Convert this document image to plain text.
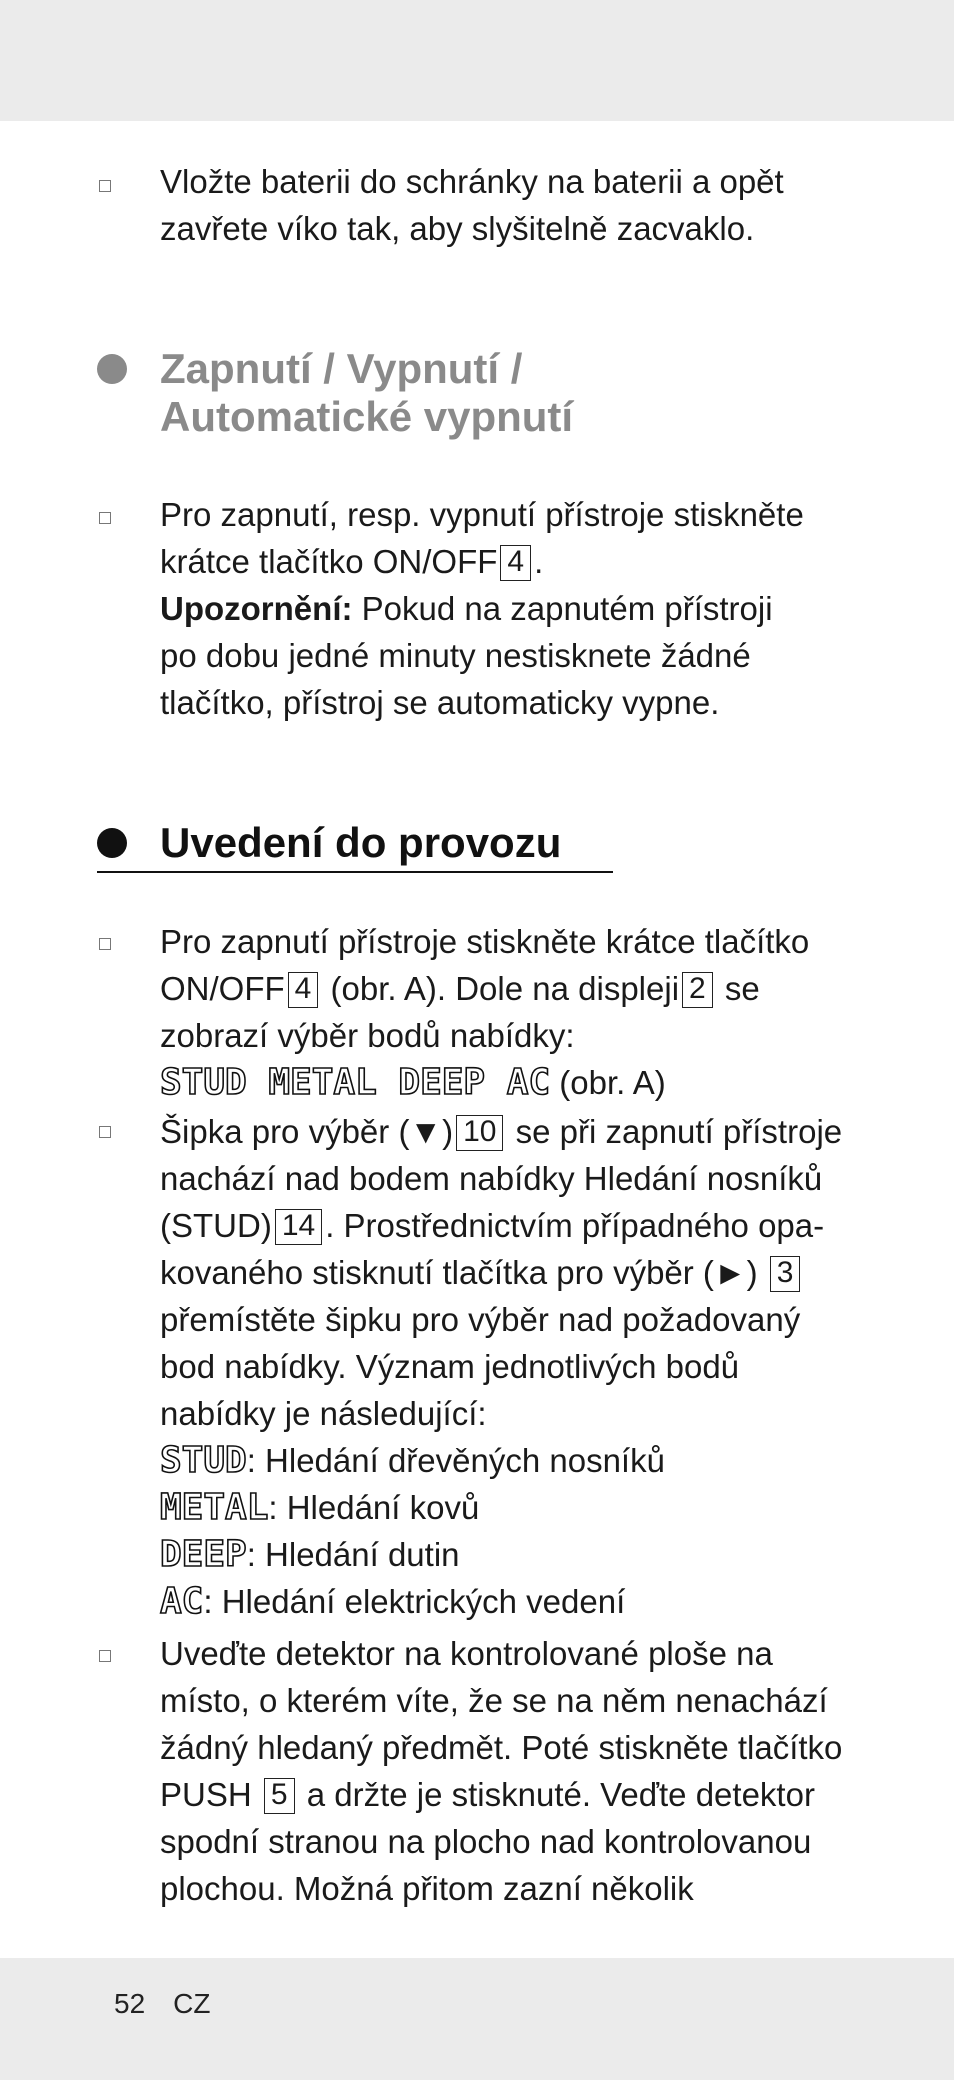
Vložte baterii do schránky na baterii a opět
zavřete víko tak, aby slyšitelně zacvaklo.
Zapnutí / Vypnutí /
Automatické vypnutí
Pro zapnutí, resp. vypnutí přístroje stiskněte
krátce tlačítko ON/OFF 4 .
Upozornění: Pokud na zapnutém přístroji
po dobu jedné minuty nestisknete žádné
tlačítko, přístroj se automaticky vypne.
Uvedení do provozu
Pro zapnutí přístroje stiskněte krátce tlačítko
ON/OFF 4 (obr. A). Dole na displeji 2 se
zobrazí výběr bodů nabídky:
STUD METAL DEEP AC (obr. A)
Šipka pro výběr (▼) 10 se při zapnutí přístroje
nachází nad bodem nabídky Hledání nosníků
(STUD) 14 . Prostřednictvím případného opa-
kovaného stisknutí tlačítka pro výběr (►) 3
přemístěte šipku pro výběr nad požadovaný
bod nabídky. Význam jednotlivých bodů
nabídky je následující:
STUD: Hledání dřevěných nosníků
METAL: Hledání kovů
DEEP: Hledání dutin
AC: Hledání elektrických vedení
Uveďte detektor na kontrolované ploše na
místo, o kterém víte, že se na něm nenachází
žádný hledaný předmět. Poté stiskněte tlačítko
PUSH 5 a držte je stisknuté. Veďte detektor
spodní stranou na plocho nad kontrolovanou
plochou. Možná přitom zazní několik
52 CZ
